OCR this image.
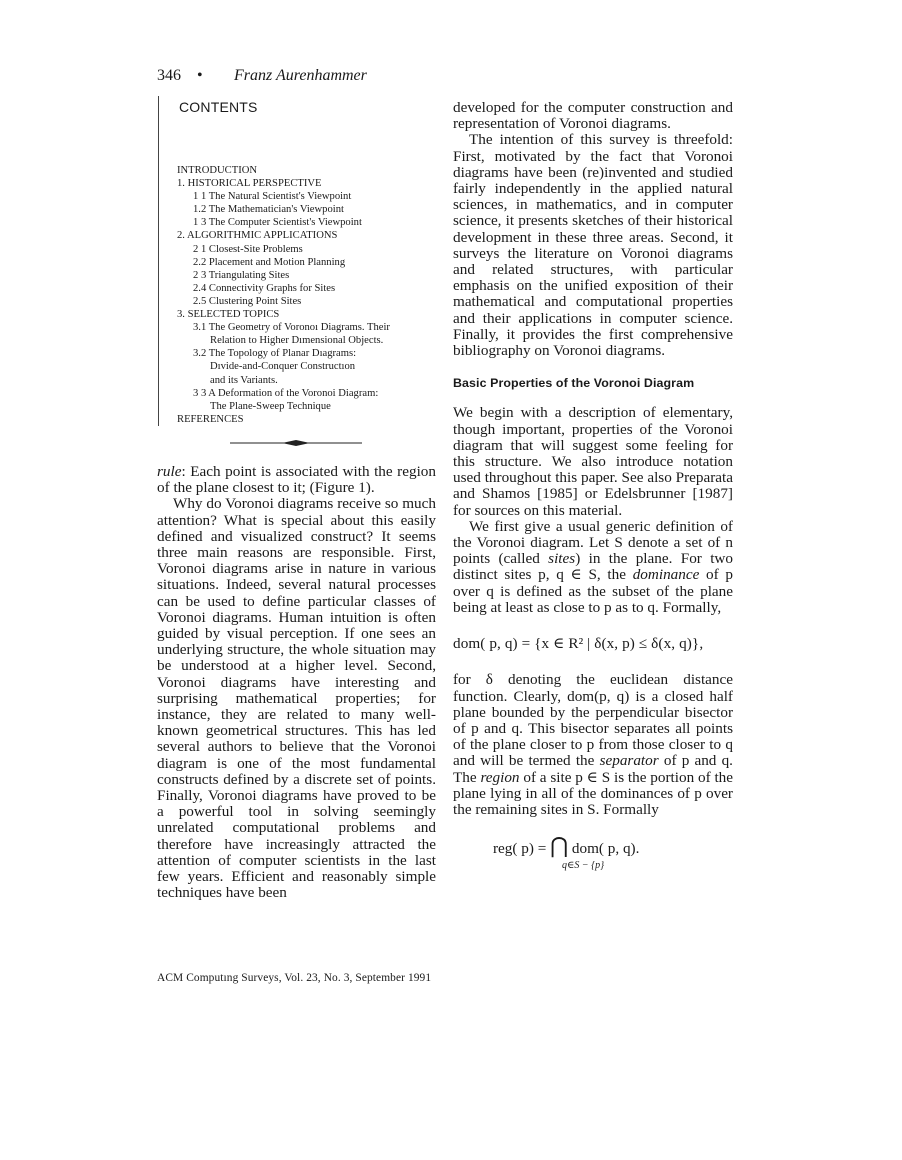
346 • Franz Aurenhammer
CONTENTS
INTRODUCTION
1. HISTORICAL PERSPECTIVE
1 1 The Natural Scientist's Viewpoint
1.2 The Mathematician's Viewpoint
1 3 The Computer Scientist's Viewpoint
2. ALGORITHMIC APPLICATIONS
2 1 Closest-Site Problems
2.2 Placement and Motion Planning
2 3 Triangulating Sites
2.4 Connectivity Graphs for Sites
2.5 Clustering Point Sites
3. SELECTED TOPICS
3.1 The Geometry of Voronoı Diagrams. Their
Relation to Higher Dımensional Objects.
3.2 The Topology of Planar Dıagrams:
Dıvide-and-Conquer Constructıon
and its Variants.
3 3 A Deformation of the Voronoi Diagram:
The Plane-Sweep Technique
REFERENCES

rule: Each point is associated with the region of the plane closest to it; (Figure 1).

Why do Voronoi diagrams receive so much attention? What is special about this easily defined and visualized construct? It seems three main reasons are responsible. First, Voronoi diagrams arise in nature in various situations. Indeed, several natural processes can be used to define particular classes of Voronoi diagrams. Human intuition is often guided by visual perception. If one sees an underlying structure, the whole situation may be understood at a higher level. Second, Voronoi diagrams have interesting and surprising mathematical properties; for instance, they are related to many well-known geometrical structures. This has led several authors to believe that the Voronoi diagram is one of the most fundamental constructs defined by a discrete set of points. Finally, Voronoi diagrams have proved to be a powerful tool in solving seemingly unrelated computational problems and therefore have increasingly attracted the attention of computer scientists in the last few years. Efficient and reasonably simple techniques have been

developed for the computer construction and representation of Voronoi diagrams.

The intention of this survey is threefold: First, motivated by the fact that Voronoi diagrams have been (re)invented and studied fairly independently in the applied natural sciences, in mathematics, and in computer science, it presents sketches of their historical development in these three areas. Second, it surveys the literature on Voronoi diagrams and related structures, with particular emphasis on the unified exposition of their mathematical and computational properties and their applications in computer science. Finally, it provides the first comprehensive bibliography on Voronoi diagrams.

Basic Properties of the Voronoi Diagram

We begin with a description of elementary, though important, properties of the Voronoi diagram that will suggest some feeling for this structure. We also introduce notation used throughout this paper. See also Preparata and Shamos [1985] or Edelsbrunner [1987] for sources on this material.

We first give a usual generic definition of the Voronoi diagram. Let S denote a set of n points (called sites) in the plane. For two distinct sites p, q ∈ S, the dominance of p over q is defined as the subset of the plane being at least as close to p as to q. Formally,

dom( p, q) = {x ∈ R² | δ(x, p) ≤ δ(x, q)},

for δ denoting the euclidean distance function. Clearly, dom(p, q) is a closed half plane bounded by the perpendicular bisector of p and q. This bisector separates all points of the plane closer to p from those closer to q and will be termed the separator of p and q. The region of a site p ∈ S is the portion of the plane lying in all of the dominances of p over the remaining sites in S. Formally

reg( p) = ⋂ dom( p, q).
q∈S − {p}
ACM Computıng Surveys, Vol. 23, No. 3, September 1991
